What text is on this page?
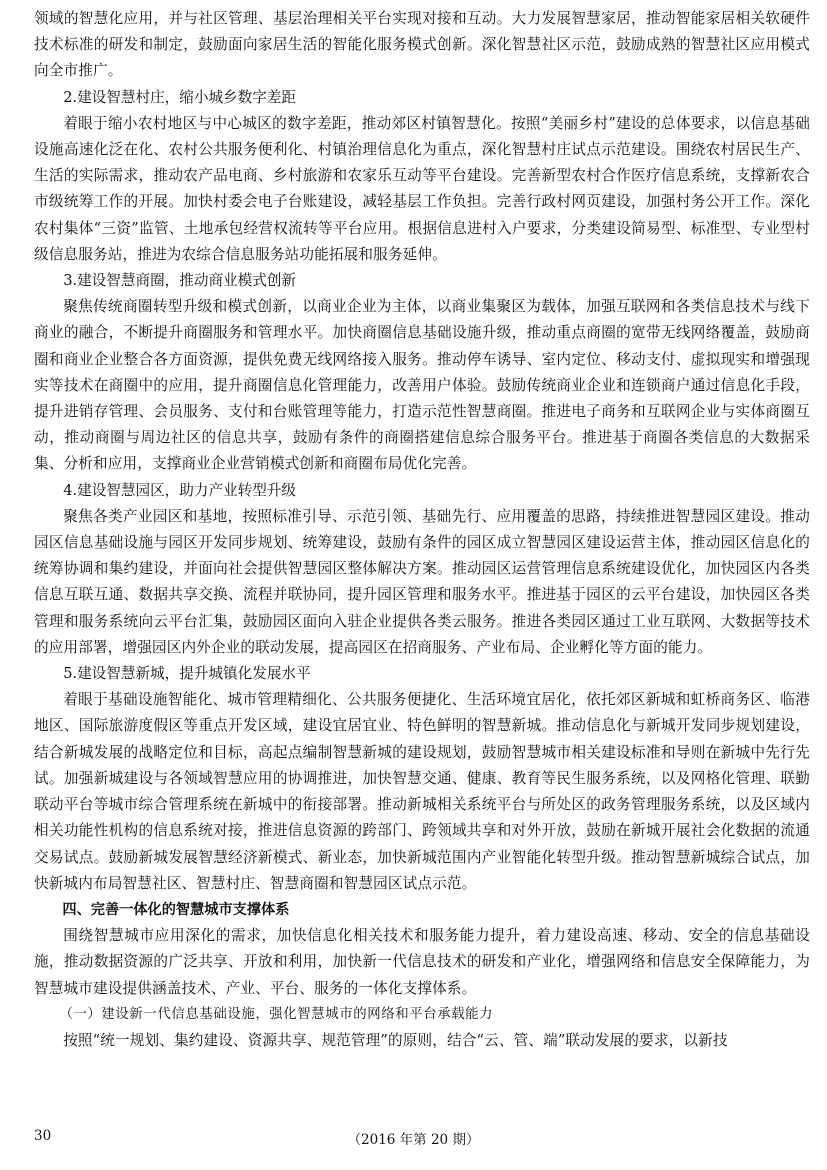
领域的智慧化应用，并与社区管理、基层治理相关平台实现对接和互动。大力发展智慧家居，推动智能家居相关软硬件技术标准的研发和制定，鼓励面向家居生活的智能化服务模式创新。深化智慧社区示范，鼓励成熟的智慧社区应用模式向全市推广。

2.建设智慧村庄，缩小城乡数字差距

着眼于缩小农村地区与中心城区的数字差距，推动郊区村镇智慧化。按照“美丽乡村”建设的总体要求，以信息基础设施高速化泛在化、农村公共服务便利化、村镇治理信息化为重点，深化智慧村庄试点示范建设。围绕农村居民生产、生活的实际需求，推动农产品电商、乡村旅游和农家乐互动等平台建设。完善新型农村合作医疗信息系统，支撑新农合市级统筹工作的开展。加快村委会电子台账建设，减轻基层工作负担。完善行政村网页建设，加强村务公开工作。深化农村集体“三资”监管、土地承包经营权流转等平台应用。根据信息进村入户要求，分类建设简易型、标准型、专业型村级信息服务站，推进为农综合信息服务站功能拓展和服务延伸。

3.建设智慧商圈，推动商业模式创新

聚焦传统商圈转型升级和模式创新，以商业企业为主体，以商业集聚区为载体，加强互联网和各类信息技术与线下商业的融合，不断提升商圈服务和管理水平。加快商圈信息基础设施升级，推动重点商圈的宽带无线网络覆盖，鼓励商圈和商业企业整合各方面资源，提供免费无线网络接入服务。推动停车诱导、室内定位、移动支付、虚拟现实和增强现实等技术在商圈中的应用，提升商圈信息化管理能力，改善用户体验。鼓励传统商业企业和连锁商户通过信息化手段，提升进销存管理、会员服务、支付和台账管理等能力，打造示范性智慧商圈。推进电子商务和互联网企业与实体商圈互动，推动商圈与周边社区的信息共享，鼓励有条件的商圈搭建信息综合服务平台。推进基于商圈各类信息的大数据采集、分析和应用，支撑商业企业营销模式创新和商圈布局优化完善。

4.建设智慧园区，助力产业转型升级

聚焦各类产业园区和基地，按照标准引导、示范引领、基础先行、应用覆盖的思路，持续推进智慧园区建设。推动园区信息基础设施与园区开发同步规划、统筹建设，鼓励有条件的园区成立智慧园区建设运营主体，推动园区信息化的统筹协调和集约建设，并面向社会提供智慧园区整体解决方案。推动园区运营管理信息系统建设优化，加快园区内各类信息互联互通、数据共享交换、流程并联协同，提升园区管理和服务水平。推进基于园区的云平台建设，加快园区各类管理和服务系统向云平台汇集，鼓励园区面向入驻企业提供各类云服务。推进各类园区通过工业互联网、大数据等技术的应用部署，增强园区内外企业的联动发展，提高园区在招商服务、产业布局、企业孵化等方面的能力。

5.建设智慧新城，提升城镇化发展水平

着眼于基础设施智能化、城市管理精细化、公共服务便捷化、生活环境宜居化，依托郊区新城和虹桥商务区、临港地区、国际旅游度假区等重点开发区域，建设宜居宜业、特色鲜明的智慧新城。推动信息化与新城开发同步规划建设，结合新城发展的战略定位和目标，高起点编制智慧新城的建设规划，鼓励智慧城市相关建设标准和导则在新城中先行先试。加强新城建设与各领域智慧应用的协调推进，加快智慧交通、健康、教育等民生服务系统，以及网格化管理、联勤联动平台等城市综合管理系统在新城中的衔接部署。推动新城相关系统平台与所处区的政务管理服务系统，以及区域内相关功能性机构的信息系统对接，推进信息资源的跨部门、跨领域共享和对外开放，鼓励在新城开展社会化数据的流通交易试点。鼓励新城发展智慧经济新模式、新业态，加快新城范围内产业智能化转型升级。推动智慧新城综合试点，加快新城内布局智慧社区、智慧村庄、智慧商圈和智慧园区试点示范。

四、完善一体化的智慧城市支撑体系

围绕智慧城市应用深化的需求，加快信息化相关技术和服务能力提升，着力建设高速、移动、安全的信息基础设施，推动数据资源的广泛共享、开放和利用，加快新一代信息技术的研发和产业化，增强网络和信息安全保障能力，为智慧城市建设提供涵盖技术、产业、平台、服务的一体化支撑体系。

（一）建设新一代信息基础设施，强化智慧城市的网络和平台承载能力

按照“统一规划、集约建设、资源共享、规范管理”的原则，结合“云、管、端”联动发展的要求，以新技

30	（2016 年第 20 期）
